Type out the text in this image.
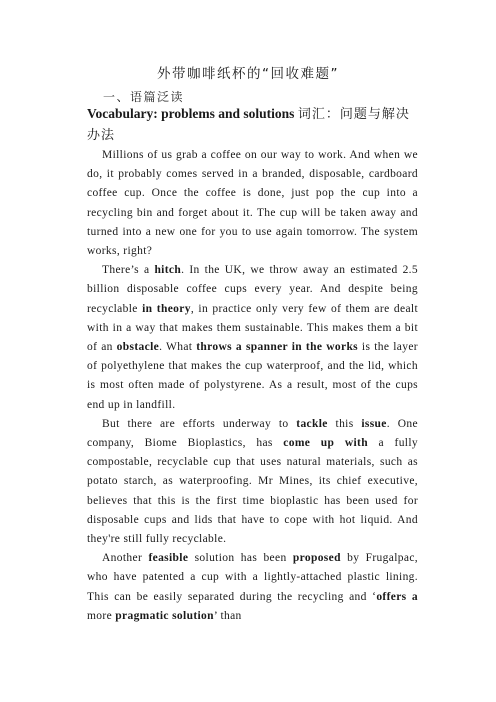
外带咖啡纸杯的“回收难题”
一、语篇泛读
Vocabulary: problems and solutions 词汇：问题与解决办法

Millions of us grab a coffee on our way to work. And when we do, it probably comes served in a branded, disposable, cardboard coffee cup. Once the coffee is done, just pop the cup into a recycling bin and forget about it. The cup will be taken away and turned into a new one for you to use again tomorrow. The system works, right?

There’s a hitch. In the UK, we throw away an estimated 2.5 billion disposable coffee cups every year. And despite being recyclable in theory, in practice only very few of them are dealt with in a way that makes them sustainable. This makes them a bit of an obstacle. What throws a spanner in the works is the layer of polyethylene that makes the cup waterproof, and the lid, which is most often made of polystyrene. As a result, most of the cups end up in landfill.

But there are efforts underway to tackle this issue. One company, Biome Bioplastics, has come up with a fully compostable, recyclable cup that uses natural materials, such as potato starch, as waterproofing. Mr Mines, its chief executive, believes that this is the first time bioplastic has been used for disposable cups and lids that have to cope with hot liquid. And they're still fully recyclable.

Another feasible solution has been proposed by Frugalpac, who have patented a cup with a lightly-attached plastic lining. This can be easily separated during the recycling and ‘offers a more pragmatic solution’ than
